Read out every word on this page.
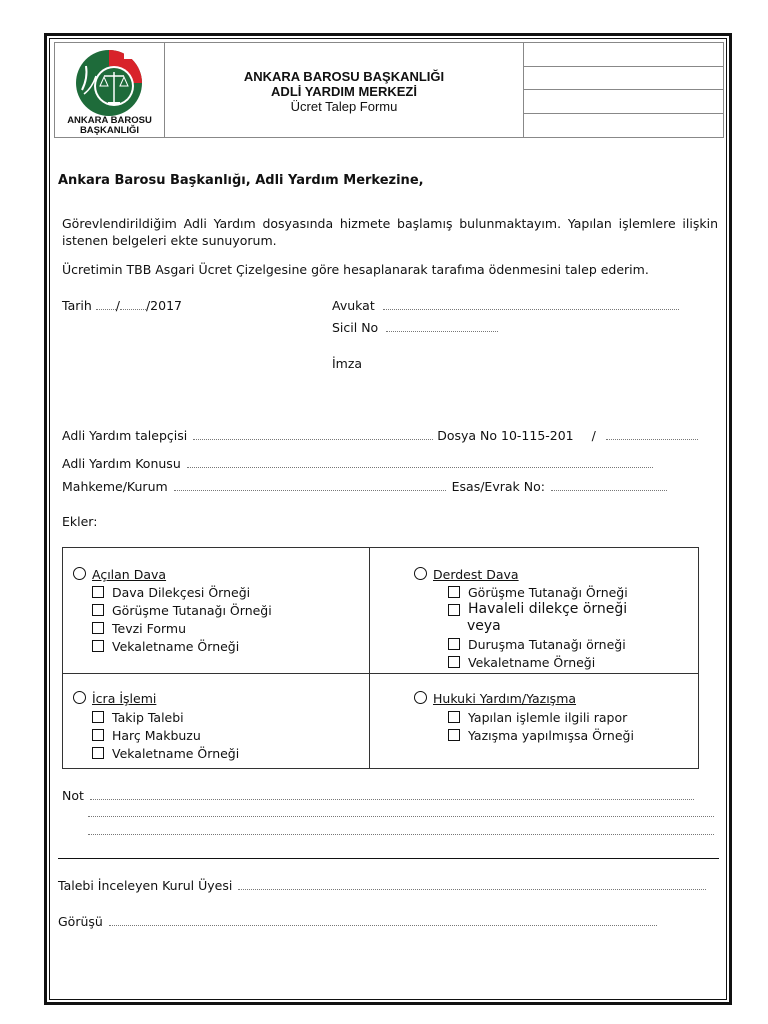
ANKARA BAROSU
BAŞKANLIĞI
ANKARA BAROSU BAŞKANLIĞI
ADLİ YARDIM MERKEZİ
Ücret Talep Formu
Ankara Barosu Başkanlığı, Adli Yardım Merkezine,
Görevlendirildiğim Adli Yardım dosyasında hizmete başlamış bulunmaktayım. Yapılan işlemlere ilişkin istenen belgeleri ekte sunuyorum.
Ücretimin TBB Asgari Ücret Çizelgesine göre hesaplanarak tarafıma ödenmesini talep ederim.
Tarih / /2017	Avukat
Sicil No
İmza
Adli Yardım talepçisi	Dosya No 10-115-201 /
Adli Yardım Konusu
Mahkeme/Kurum	Esas/Evrak No:
Ekler:
Açılan Dava
Dava Dilekçesi Örneği
Görüşme Tutanağı Örneği
Tevzi Formu
Vekaletname Örneği
Derdest Dava
Görüşme Tutanağı Örneği
Havaleli dilekçe örneği veya
Duruşma Tutanağı örneği
Vekaletname Örneği
İcra İşlemi
Takip Talebi
Harç Makbuzu
Vekaletname Örneği
Hukuki Yardım/Yazışma
Yapılan işlemle ilgili rapor
Yazışma yapılmışsa Örneği
Not
Talebi İnceleyen Kurul Üyesi
Görüşü
